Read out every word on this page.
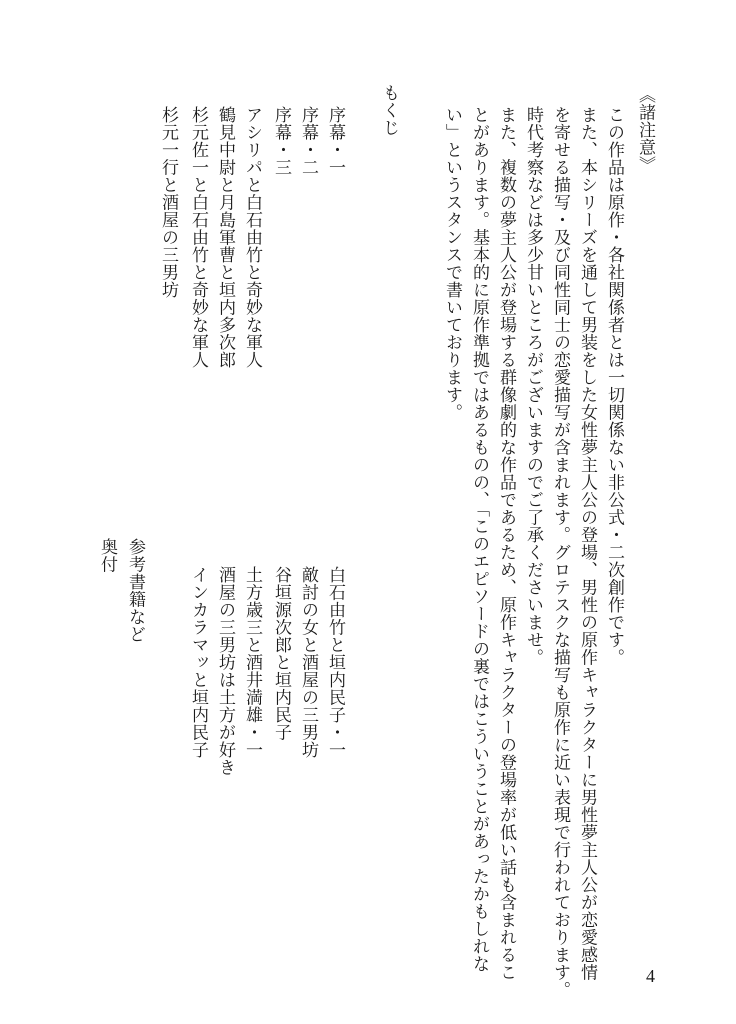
《諸注意》
この作品は原作・各社関係者とは一切関係ない非公式・二次創作です。
また、本シリーズを通して男装をした女性夢主人公の登場、男性の原作キャラクターに男性夢主人公が恋愛感情
を寄せる描写・及び同性同士の恋愛描写が含まれます。グロテスクな描写も原作に近い表現で行われております。
時代考察などは多少甘いところがございますのでご了承くださいませ。
また、複数の夢主人公が登場する群像劇的な作品であるため、原作キャラクターの登場率が低い話も含まれるこ
とがあります。基本的に原作準拠ではあるものの、「このエピソードの裏ではこういうことがあったかもしれな
い」というスタンスで書いております。
もくじ
序幕・一
序幕・二
序幕・三
アシリパと白石由竹と奇妙な軍人
鶴見中尉と月島軍曹と垣内多次郎
杉元佐一と白石由竹と奇妙な軍人
杉元一行と酒屋の三男坊
白石由竹と垣内民子・一
敵討の女と酒屋の三男坊
谷垣源次郎と垣内民子
土方歳三と酒井満雄・一
酒屋の三男坊は土方が好き
インカラマッと垣内民子
参考書籍など
奥付
4
